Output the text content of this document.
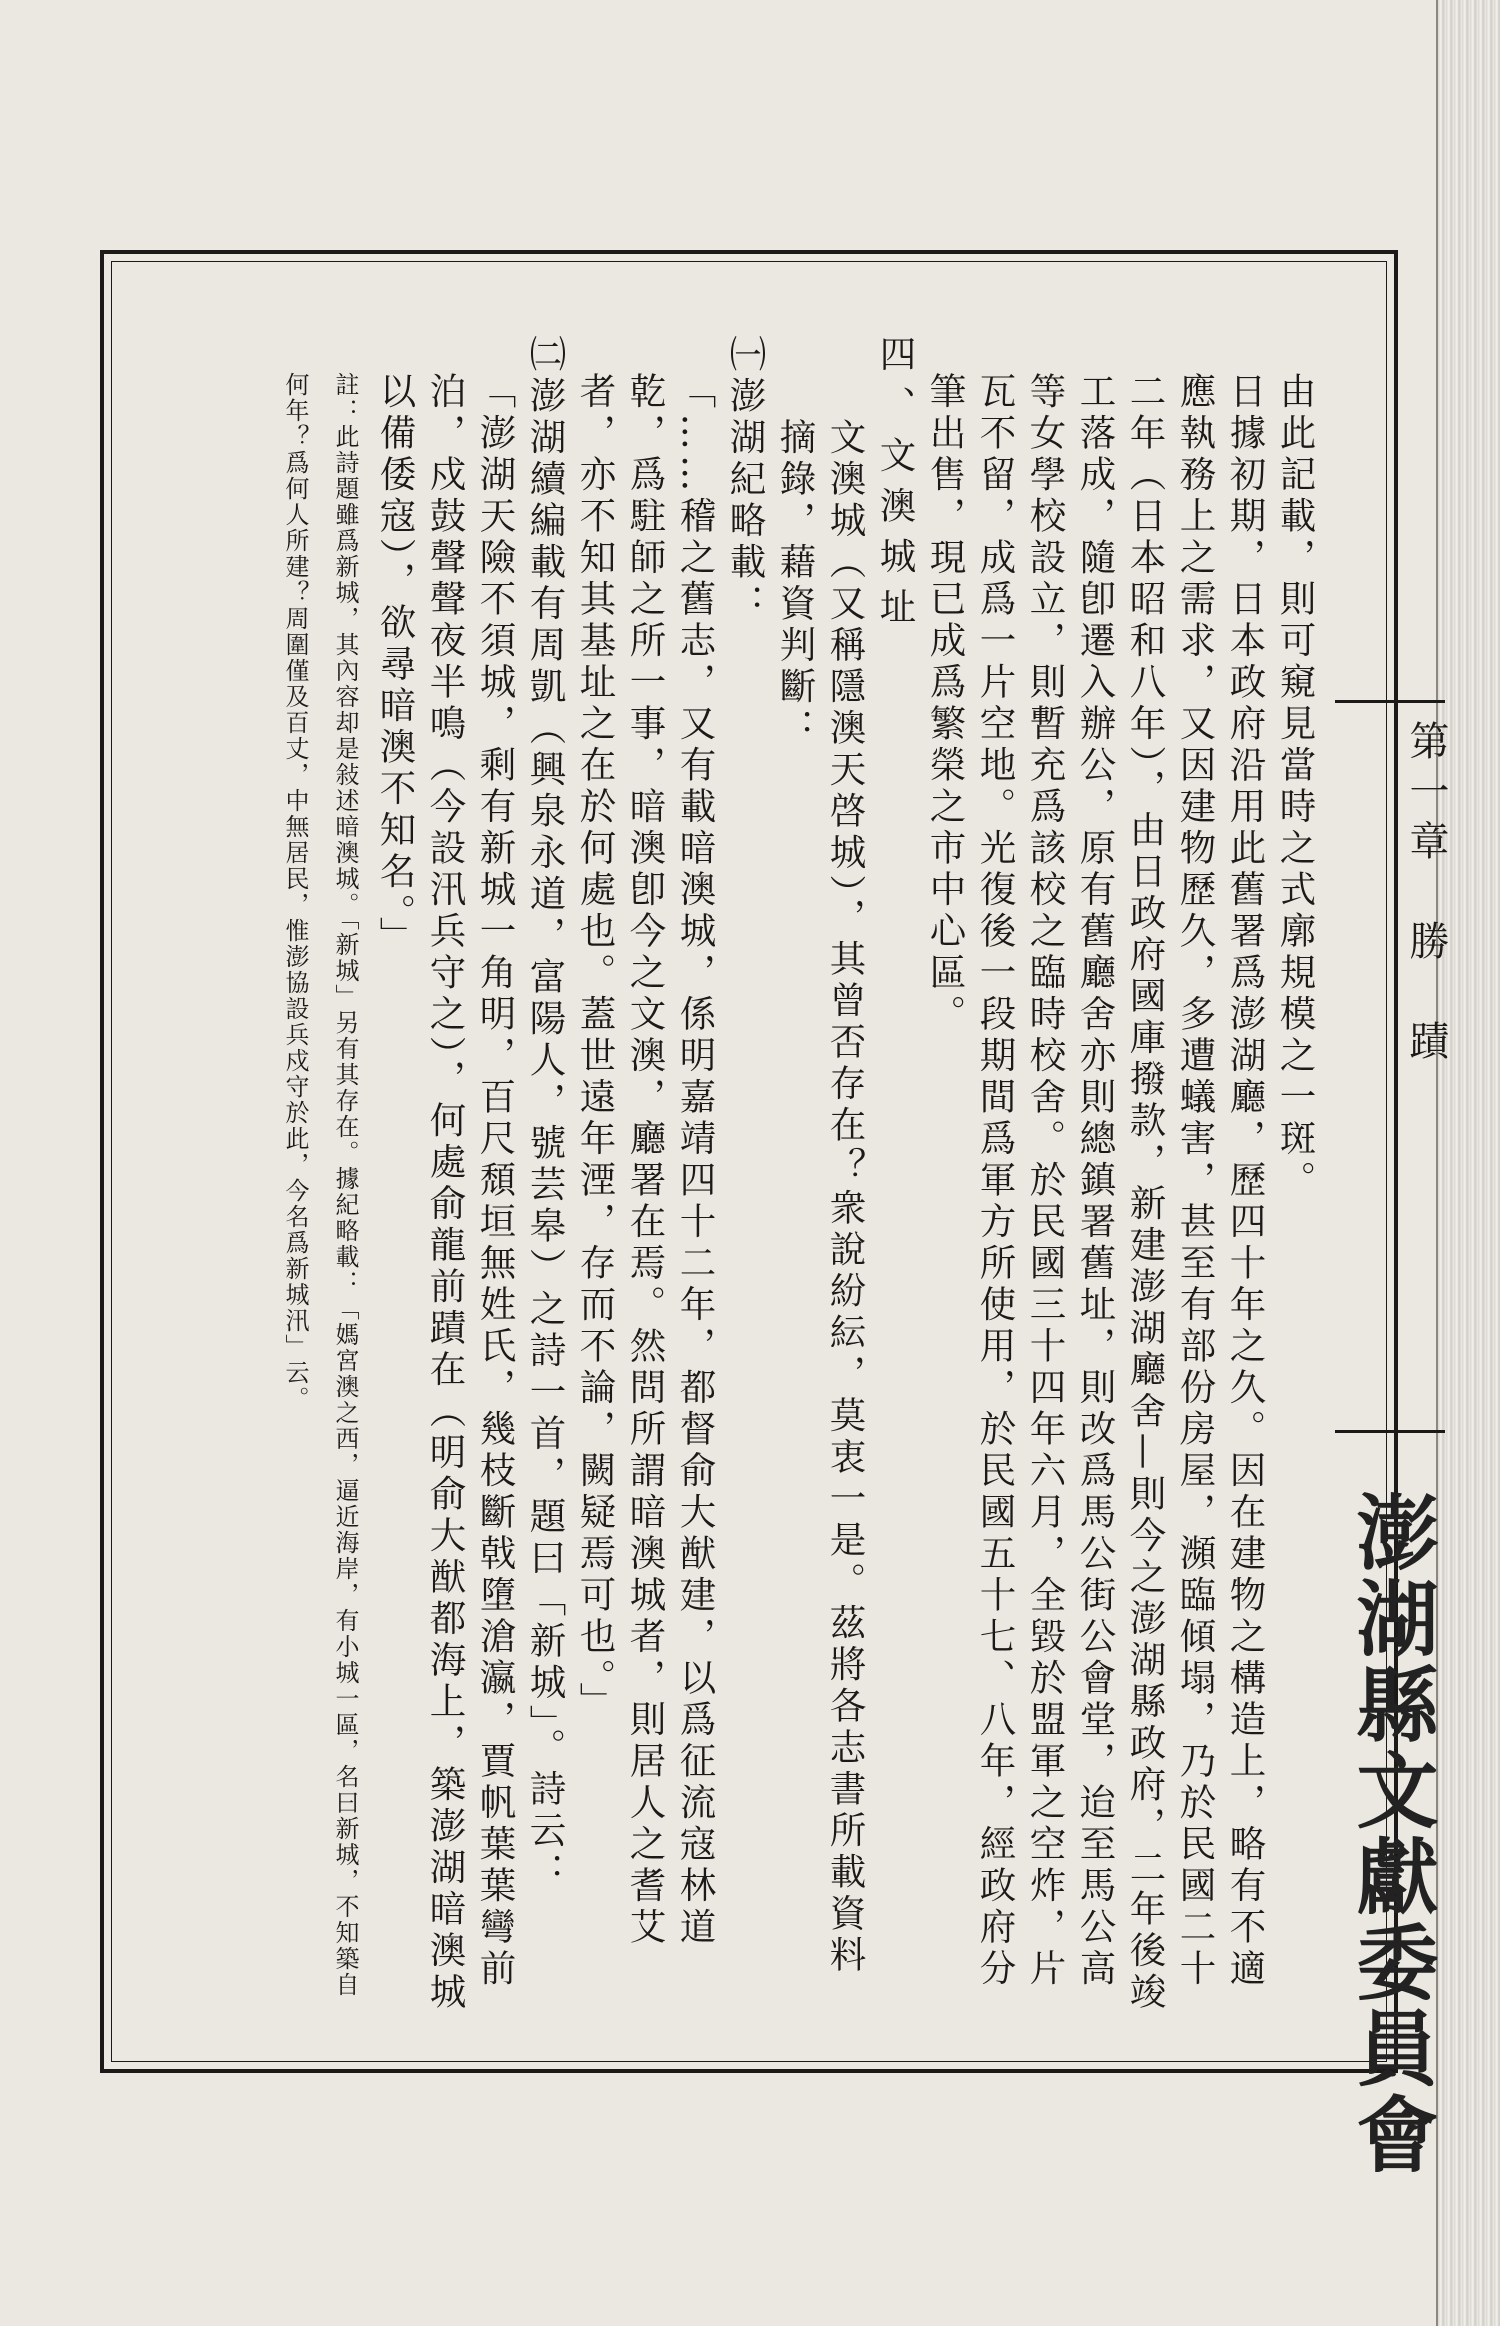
第一章　勝　蹟
澎湖縣文獻委員會

由此記載，則可窺見當時之式廓規模之一斑。

日據初期，日本政府沿用此舊署爲澎湖廳，歷四十年之久。因在建物之構造上，略有不適應執務上之需求，又因建物歷久，多遭蟻害，甚至有部份房屋，瀕臨傾塌，乃於民國二十二年（日本昭和八年），由日政府國庫撥款，新建澎湖廳舍—則今之澎湖縣政府，二年後竣工落成，隨卽遷入辦公，原有舊廳舍亦則總鎮署舊址，則改爲馬公街公會堂，迨至馬公高等女學校設立，則暫充爲該校之臨時校舍。於民國三十四年六月，全毀於盟軍之空炸，片瓦不留，成爲一片空地。光復後一段期間爲軍方所使用，於民國五十七、八年，經政府分筆出售，現已成爲繁榮之市中心區。

四、文澳城址

文澳城（又稱隱澳天啓城），其曾否存在？衆說紛紜，莫衷一是。茲將各志書所載資料摘錄，藉資判斷：

㈠澎湖紀略載：

「……稽之舊志，又有載暗澳城，係明嘉靖四十二年，都督俞大猷建，以爲征流寇林道乾，爲駐師之所一事，暗澳卽今之文澳，廳署在焉。然問所謂暗澳城者，則居人之耆艾者，亦不知其基址之在於何處也。蓋世遠年湮，存而不論，闕疑焉可也。」

㈡澎湖續編載有周凱（興泉永道，富陽人，號芸皋）之詩一首，題曰「新城」。詩云：

「澎湖天險不須城，剩有新城一角明，百尺頹垣無姓氏，幾枝斷戟墮滄瀛，賈帆葉葉彎前泊，戍鼓聲聲夜半鳴（今設汛兵守之），何處俞龍前蹟在（明俞大猷都海上，築澎湖暗澳城以備倭寇），欲尋暗澳不知名。」

註：此詩題雖爲新城，其內容却是敍述暗澳城。「新城」另有其存在。據紀略載：「媽宮澳之西，逼近海岸，有小城一區，名曰新城，不知築自何年？爲何人所建？周圍僅及百丈，中無居民，惟澎協設兵戍守於此，今名爲新城汛」云。
